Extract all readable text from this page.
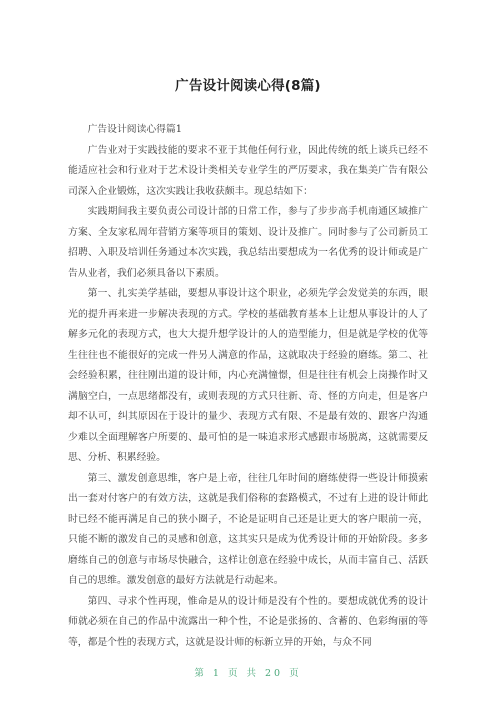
广告设计阅读心得(8篇)

广告设计阅读心得篇1

广告业对于实践技能的要求不亚于其他任何行业，因此传统的纸上谈兵已经不能适应社会和行业对于艺术设计类相关专业学生的严厉要求，我在集美广告有限公司深入企业锻炼，这次实践让我收获颇丰。现总结如下：

实践期间我主要负责公司设计部的日常工作，参与了步步高手机南通区域推广方案、全友家私周年营销方案等项目的策划、设计及推广。同时参与了公司新员工招聘、入职及培训任务通过本次实践，我总结出要想成为一名优秀的设计师或是广告从业者，我们必须具备以下素质。

第一、扎实美学基础，要想从事设计这个职业，必须先学会发觉美的东西，眼光的提升再来进一步解决表现的方式。学校的基础教育基本上让想从事设计的人了解多元化的表现方式，也大大提升想学设计的人的造型能力，但是就是学校的优等生往往也不能很好的完成一件另人满意的作品，这就取决于经验的磨练。第二、社会经验积累，往往刚出道的设计师，内心充满憧憬，但是往往有机会上岗操作时又满脑空白，一点思绪都没有，或则表现的方式只往新、奇、怪的方向走，但是客户却不认可，纠其原因在于设计的量少、表现方式有限、不是最有效的、跟客户沟通少难以全面理解客户所要的、最可怕的是一味追求形式感跟市场脱离，这就需要反思、分析、积累经验。

第三、激发创意思维，客户是上帝，往往几年时间的磨练使得一些设计师摸索出一套对付客户的有效方法，这就是我们俗称的套路模式，不过有上进的设计师此时已经不能再满足自己的狭小圈子，不论是证明自己还是让更大的客户眼前一亮，只能不断的激发自己的灵感和创意，这其实只是成为优秀设计师的开始阶段。多多磨练自己的创意与市场尽快融合，这样让创意在经验中成长，从而丰富自己、活跃自己的思维。激发创意的最好方法就是行动起来。

第四、寻求个性再现，惟命是从的设计师是没有个性的。要想成就优秀的设计师就必须在自己的作品中流露出一种个性，不论是张扬的、含蓄的、色彩绚丽的等等，都是个性的表现方式，这就是设计师的标新立异的开始，与众不同

第 1 页 共 20 页
